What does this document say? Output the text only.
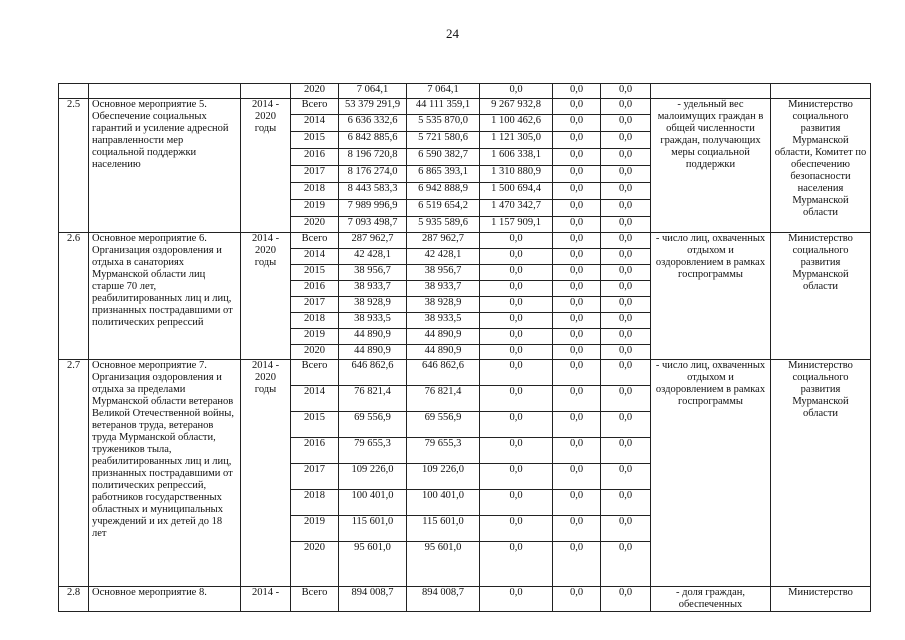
24
			2020	7 064,1	7 064,1	0,0	0,0	0,0		
2.5	Основное мероприятие 5. Обеспечение социальных гарантий и усиление адресной направленности мер социальной поддержки населению	2014 - 2020 годы	Всего	53 379 291,9	44 111 359,1	9 267 932,8	0,0	0,0	- удельный вес малоимущих граждан в общей численности граждан, получающих меры социальной поддержки	Министерство социального развития Мурманской области, Комитет по обеспечению безопасности населения Мурманской области
			2014	6 636 332,6	5 535 870,0	1 100 462,6	0,0	0,0		
			2015	6 842 885,6	5 721 580,6	1 121 305,0	0,0	0,0		
			2016	8 196 720,8	6 590 382,7	1 606 338,1	0,0	0,0		
			2017	8 176 274,0	6 865 393,1	1 310 880,9	0,0	0,0		
			2018	8 443 583,3	6 942 888,9	1 500 694,4	0,0	0,0		
			2019	7 989 996,9	6 519 654,2	1 470 342,7	0,0	0,0		
			2020	7 093 498,7	5 935 589,6	1 157 909,1	0,0	0,0		
2.6	Основное мероприятие 6. Организация оздоровления и отдыха в санаториях Мурманской области лиц старше 70 лет, реабилитированных лиц и лиц, признанных пострадавшими от политических репрессий	2014 - 2020 годы	Всего	287 962,7	287 962,7	0,0	0,0	0,0	- число лиц, охваченных отдыхом и оздоровлением в рамках госпрограммы	Министерство социального развития Мурманской области
			2014	42 428,1	42 428,1	0,0	0,0	0,0		
			2015	38 956,7	38 956,7	0,0	0,0	0,0		
			2016	38 933,7	38 933,7	0,0	0,0	0,0		
			2017	38 928,9	38 928,9	0,0	0,0	0,0		
			2018	38 933,5	38 933,5	0,0	0,0	0,0		
			2019	44 890,9	44 890,9	0,0	0,0	0,0		
			2020	44 890,9	44 890,9	0,0	0,0	0,0		
2.7	Основное мероприятие 7. Организация оздоровления и отдыха за пределами Мурманской области ветеранов Великой Отечественной войны, ветеранов труда, ветеранов труда Мурманской области, тружеников тыла, реабилитированных лиц и лиц, признанных пострадавшими от политических репрессий, работников государственных областных и муниципальных учреждений и их детей до 18 лет	2014 - 2020 годы	Всего	646 862,6	646 862,6	0,0	0,0	0,0	- число лиц, охваченных отдыхом и оздоровлением в рамках госпрограммы	Министерство социального развития Мурманской области
			2014	76 821,4	76 821,4	0,0	0,0	0,0		
			2015	69 556,9	69 556,9	0,0	0,0	0,0		
			2016	79 655,3	79 655,3	0,0	0,0	0,0		
			2017	109 226,0	109 226,0	0,0	0,0	0,0		
			2018	100 401,0	100 401,0	0,0	0,0	0,0		
			2019	115 601,0	115 601,0	0,0	0,0	0,0		
			2020	95 601,0	95 601,0	0,0	0,0	0,0		
2.8	Основное мероприятие 8.	2014 -	Всего	894 008,7	894 008,7	0,0	0,0	0,0	- доля граждан, обеспеченных	Министерство
